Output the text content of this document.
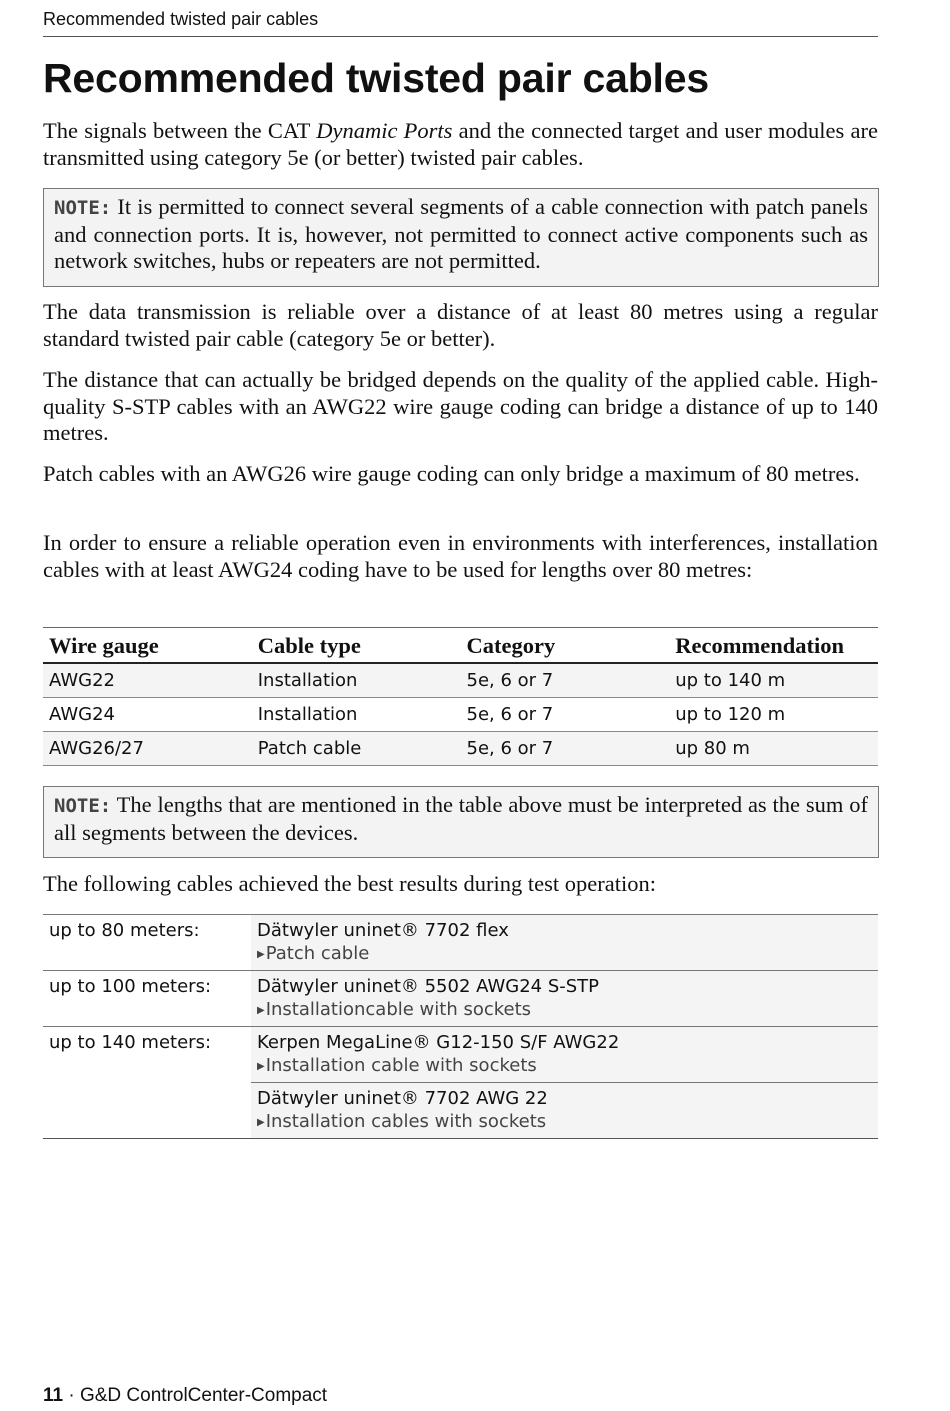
Recommended twisted pair cables
Recommended twisted pair cables

The signals between the CAT Dynamic Ports and the connected target and user modules are transmitted using category 5e (or better) twisted pair cables.

NOTE: It is permitted to connect several segments of a cable connection with patch panels and connection ports. It is, however, not permitted to connect active components such as network switches, hubs or repeaters are not permitted.

The data transmission is reliable over a distance of at least 80 metres using a regular standard twisted pair cable (category 5e or better).

The distance that can actually be bridged depends on the quality of the applied cable. High-quality S-STP cables with an AWG22 wire gauge coding can bridge a distance of up to 140 metres.

Patch cables with an AWG26 wire gauge coding can only bridge a maximum of 80 metres.

In order to ensure a reliable operation even in environments with interferences, installation cables with at least AWG24 coding have to be used for lengths over 80 metres:

Wire gauge	Cable type	Category	Recommendation
AWG22	Installation	5e, 6 or 7	up to 140 m
AWG24	Installation	5e, 6 or 7	up to 120 m
AWG26/27	Patch cable	5e, 6 or 7	up 80 m

NOTE: The lengths that are mentioned in the table above must be interpreted as the sum of all segments between the devices.

The following cables achieved the best results during test operation:

up to 80 meters:	Dätwyler uninet® 7702 flex
▶Patch cable

up to 100 meters:	Dätwyler uninet® 5502 AWG24 S-STP
▶Installationcable with sockets

up to 140 meters:	Kerpen MegaLine® G12-150 S/F AWG22
▶Installation cable with sockets

	Dätwyler uninet® 7702 AWG 22
▶Installation cables with sockets
11 · G&D ControlCenter-Compact
